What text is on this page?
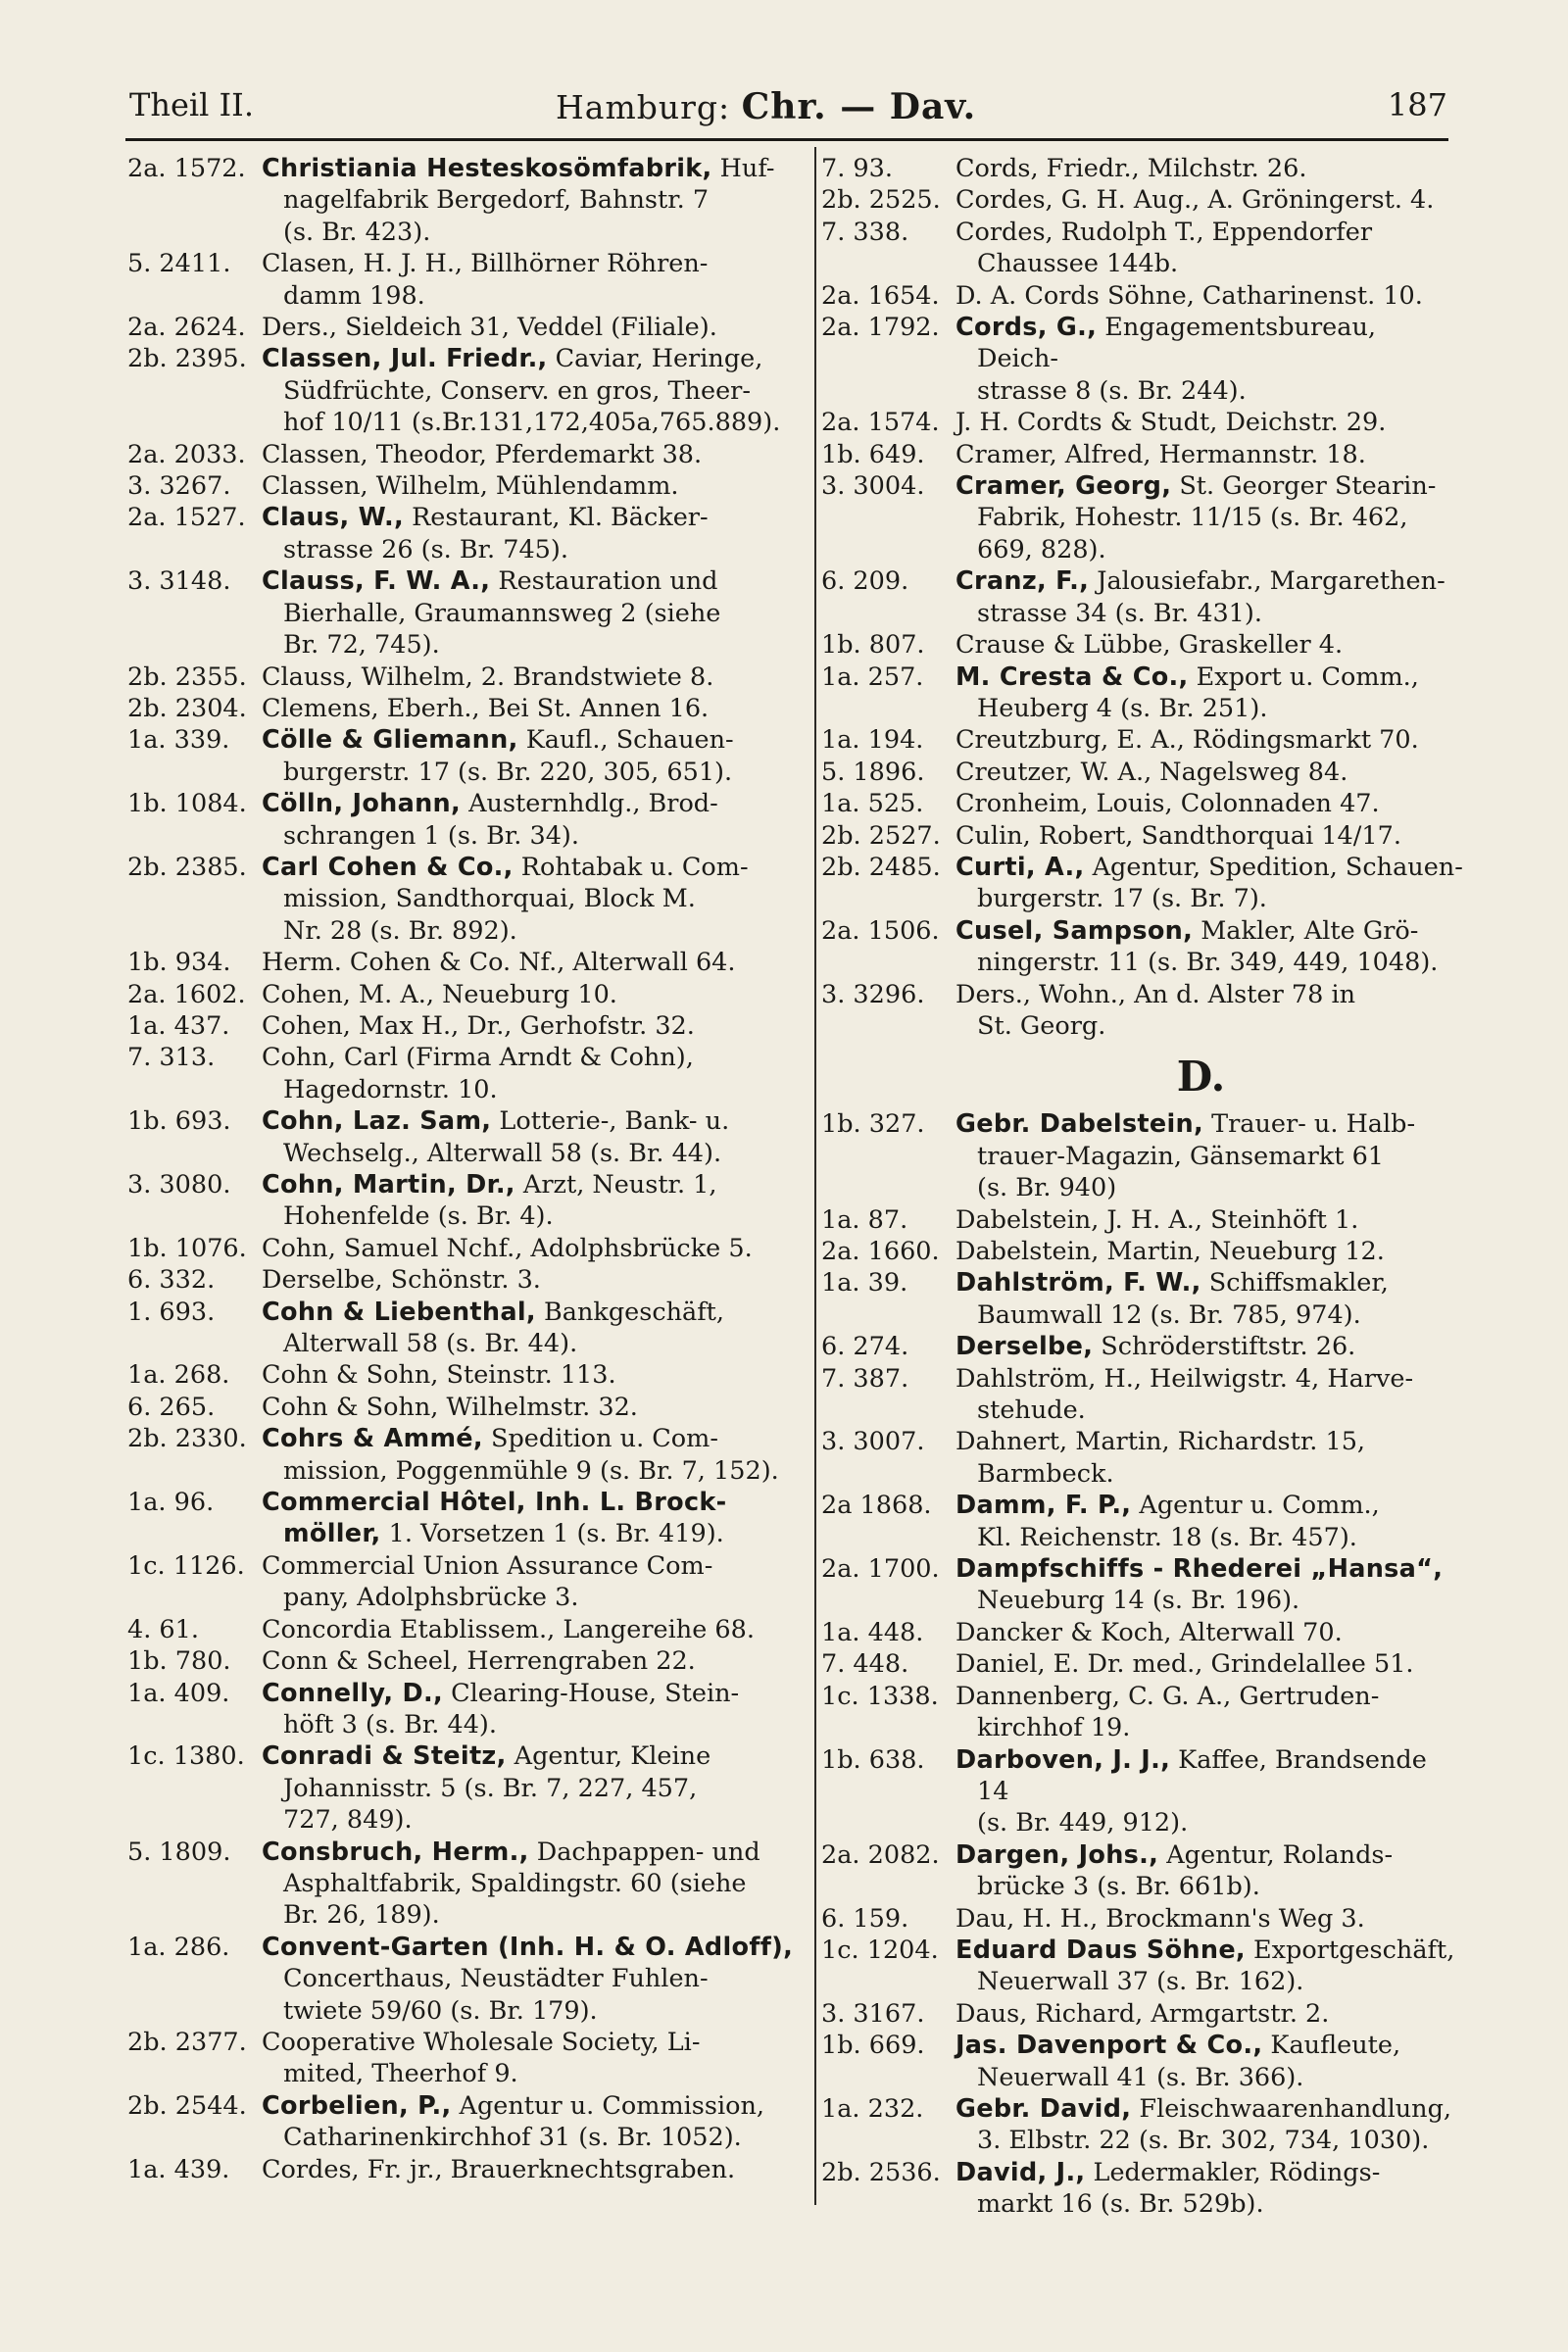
Theil II.	Hamburg: Chr. — Dav.	187
2a. 1572. Christiania Hesteskosömfabrik, Huf-
nagelfabrik Bergedorf, Bahnstr. 7
(s. Br. 423).
5. 2411.	Clasen, H. J. H., Billhörner Röhren-
damm 198.
2a. 2624. Ders., Sieldeich 31, Veddel (Filiale).
2b. 2395. Classen, Jul. Friedr., Caviar, Heringe,
Südfrüchte, Conserv. en gros, Theer-
hof 10/11 (s.Br.131,172,405a,765.889).
2a. 2033. Classen, Theodor, Pferdemarkt 38.
3. 3267.	Classen, Wilhelm, Mühlendamm.
2a. 1527. Claus, W., Restaurant, Kl. Bäcker-
strasse 26 (s. Br. 745).
3. 3148.	Clauss, F. W. A., Restauration und
Bierhalle, Graumannsweg 2 (siehe
Br. 72, 745).
2b. 2355. Clauss, Wilhelm, 2. Brandstwiete 8.
2b. 2304. Clemens, Eberh., Bei St. Annen 16.
1a. 339.	Cölle & Gliemann, Kaufl., Schauen-
burgerstr. 17 (s. Br. 220, 305, 651).
1b. 1084. Cölln, Johann, Austernhdlg., Brod-
schrangen 1 (s. Br. 34).
2b. 2385. Carl Cohen & Co., Rohtabak u. Com-
mission, Sandthorquai, Block M.
Nr. 28 (s. Br. 892).
1b. 934.	Herm. Cohen & Co. Nf., Alterwall 64.
2a. 1602. Cohen, M. A., Neueburg 10.
1a. 437.	Cohen, Max H., Dr., Gerhofstr. 32.
7. 313.	Cohn, Carl (Firma Arndt & Cohn),
Hagedornstr. 10.
1b. 693.	Cohn, Laz. Sam, Lotterie-, Bank- u.
Wechselg., Alterwall 58 (s. Br. 44).
3. 3080.	Cohn, Martin, Dr., Arzt, Neustr. 1,
Hohenfelde (s. Br. 4).
1b. 1076. Cohn, Samuel Nchf., Adolphsbrücke 5.
6. 332.	Derselbe, Schönstr. 3.
1. 693.	Cohn & Liebenthal, Bankgeschäft,
Alterwall 58 (s. Br. 44).
1a. 268.	Cohn & Sohn, Steinstr. 113.
6. 265.	Cohn & Sohn, Wilhelmstr. 32.
2b. 2330. Cohrs & Ammé, Spedition u. Com-
mission, Poggenmühle 9 (s. Br. 7, 152).
1a. 96.	Commercial Hôtel, Inh. L. Brock-
möller, 1. Vorsetzen 1 (s. Br. 419).
1c. 1126. Commercial Union Assurance Com-
pany, Adolphsbrücke 3.
4. 61.	Concordia Etablissem., Langereihe 68.
1b. 780.	Conn & Scheel, Herrengraben 22.
1a. 409.	Connelly, D., Clearing-House, Stein-
höft 3 (s. Br. 44).
1c. 1380. Conradi & Steitz, Agentur, Kleine
Johannisstr. 5 (s. Br. 7, 227, 457,
727, 849).
5. 1809.	Consbruch, Herm., Dachpappen- und
Asphaltfabrik, Spaldingstr. 60 (siehe
Br. 26, 189).
1a. 286.	Convent-Garten (Inh. H. & O. Adloff),
Concerthaus, Neustädter Fuhlen-
twiete 59/60 (s. Br. 179).
2b. 2377. Cooperative Wholesale Society, Li-
mited, Theerhof 9.
2b. 2544. Corbelien, P., Agentur u. Commission,
Catharinenkirchhof 31 (s. Br. 1052).
1a. 439.	Cordes, Fr. jr., Brauerknechtsgraben.
7. 93.	Cords, Friedr., Milchstr. 26.
2b. 2525. Cordes, G. H. Aug., A. Gröningerst. 4.
7. 338.	Cordes, Rudolph T., Eppendorfer
Chaussee 144b.
2a. 1654. D. A. Cords Söhne, Catharinenst. 10.
2a. 1792. Cords, G., Engagementsbureau, Deich-
strasse 8 (s. Br. 244).
2a. 1574. J. H. Cordts & Studt, Deichstr. 29.
1b. 649.	Cramer, Alfred, Hermannstr. 18.
3. 3004.	Cramer, Georg, St. Georger Stearin-
Fabrik, Hohestr. 11/15 (s. Br. 462,
669, 828).
6. 209.	Cranz, F., Jalousiefabr., Margarethen-
strasse 34 (s. Br. 431).
1b. 807.	Crause & Lübbe, Graskeller 4.
1a. 257.	M. Cresta & Co., Export u. Comm.,
Heuberg 4 (s. Br. 251).
1a. 194.	Creutzburg, E. A., Rödingsmarkt 70.
5. 1896.	Creutzer, W. A., Nagelsweg 84.
1a. 525.	Cronheim, Louis, Colonnaden 47.
2b. 2527. Culin, Robert, Sandthorquai 14/17.
2b. 2485. Curti, A., Agentur, Spedition, Schauen-
burgerstr. 17 (s. Br. 7).
2a. 1506. Cusel, Sampson, Makler, Alte Grö-
ningerstr. 11 (s. Br. 349, 449, 1048).
3. 3296.	Ders., Wohn., An d. Alster 78 in
St. Georg.
D.
1b. 327.	Gebr. Dabelstein, Trauer- u. Halb-
trauer-Magazin, Gänsemarkt 61
(s. Br. 940)
1a. 87.	Dabelstein, J. H. A., Steinhöft 1.
2a. 1660. Dabelstein, Martin, Neueburg 12.
1a. 39.	Dahlström, F. W., Schiffsmakler,
Baumwall 12 (s. Br. 785, 974).
6. 274.	Derselbe, Schröderstiftstr. 26.
7. 387.	Dahlström, H., Heilwigstr. 4, Harve-
stehude.
3. 3007.	Dahnert, Martin, Richardstr. 15,
Barmbeck.
2a 1868. Damm, F. P., Agentur u. Comm.,
Kl. Reichenstr. 18 (s. Br. 457).
2a. 1700. Dampfschiffs - Rhederei „Hansa“,
Neueburg 14 (s. Br. 196).
1a. 448.	Dancker & Koch, Alterwall 70.
7. 448.	Daniel, E. Dr. med., Grindelallee 51.
1c. 1338. Dannenberg, C. G. A., Gertruden-
kirchhof 19.
1b. 638.	Darboven, J. J., Kaffee, Brandsende 14
(s. Br. 449, 912).
2a. 2082. Dargen, Johs., Agentur, Rolands-
brücke 3 (s. Br. 661b).
6. 159.	Dau, H. H., Brockmann's Weg 3.
1c. 1204. Eduard Daus Söhne, Exportgeschäft,
Neuerwall 37 (s. Br. 162).
3. 3167.	Daus, Richard, Armgartstr. 2.
1b. 669.	Jas. Davenport & Co., Kaufleute,
Neuerwall 41 (s. Br. 366).
1a. 232.	Gebr. David, Fleischwaarenhandlung,
3. Elbstr. 22 (s. Br. 302, 734, 1030).
2b. 2536. David, J., Ledermakler, Rödings-
markt 16 (s. Br. 529b).
